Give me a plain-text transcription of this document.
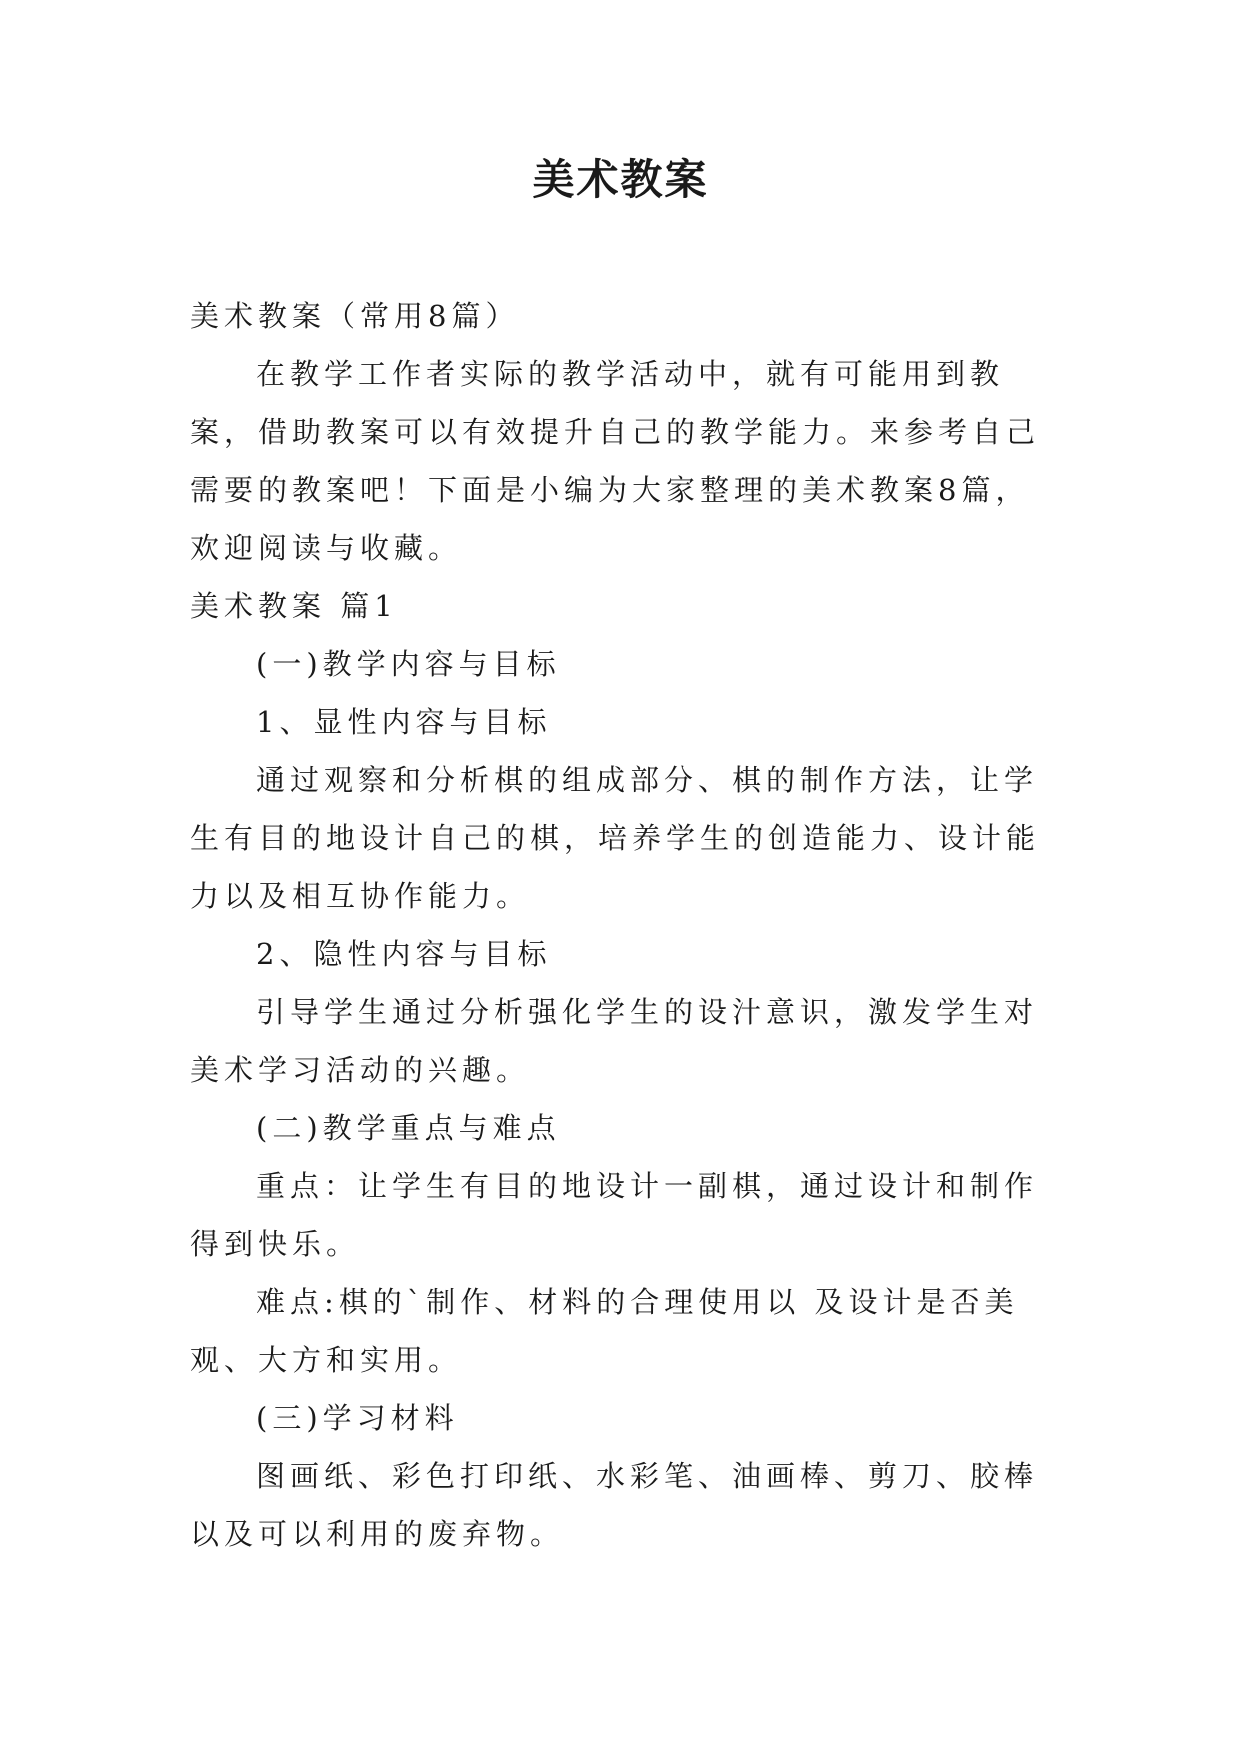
美术教案

美术教案（常用8篇）

在教学工作者实际的教学活动中，就有可能用到教案，借助教案可以有效提升自己的教学能力。来参考自己需要的教案吧！下面是小编为大家整理的美术教案8篇，欢迎阅读与收藏。

美术教案 篇1

(一)教学内容与目标

1、显性内容与目标

通过观察和分析棋的组成部分、棋的制作方法，让学生有目的地设计自己的棋，培养学生的创造能力、设计能力以及相互协作能力。

2、隐性内容与目标

引导学生通过分析强化学生的设汁意识，激发学生对美术学习活动的兴趣。

(二)教学重点与难点

重点：让学生有目的地设计一副棋，通过设计和制作得到快乐。

难点:棋的`制作、材料的合理使用以 及设计是否美观、大方和实用。

(三)学习材料

图画纸、彩色打印纸、水彩笔、油画棒、剪刀、胶棒以及可以利用的废弃物。
